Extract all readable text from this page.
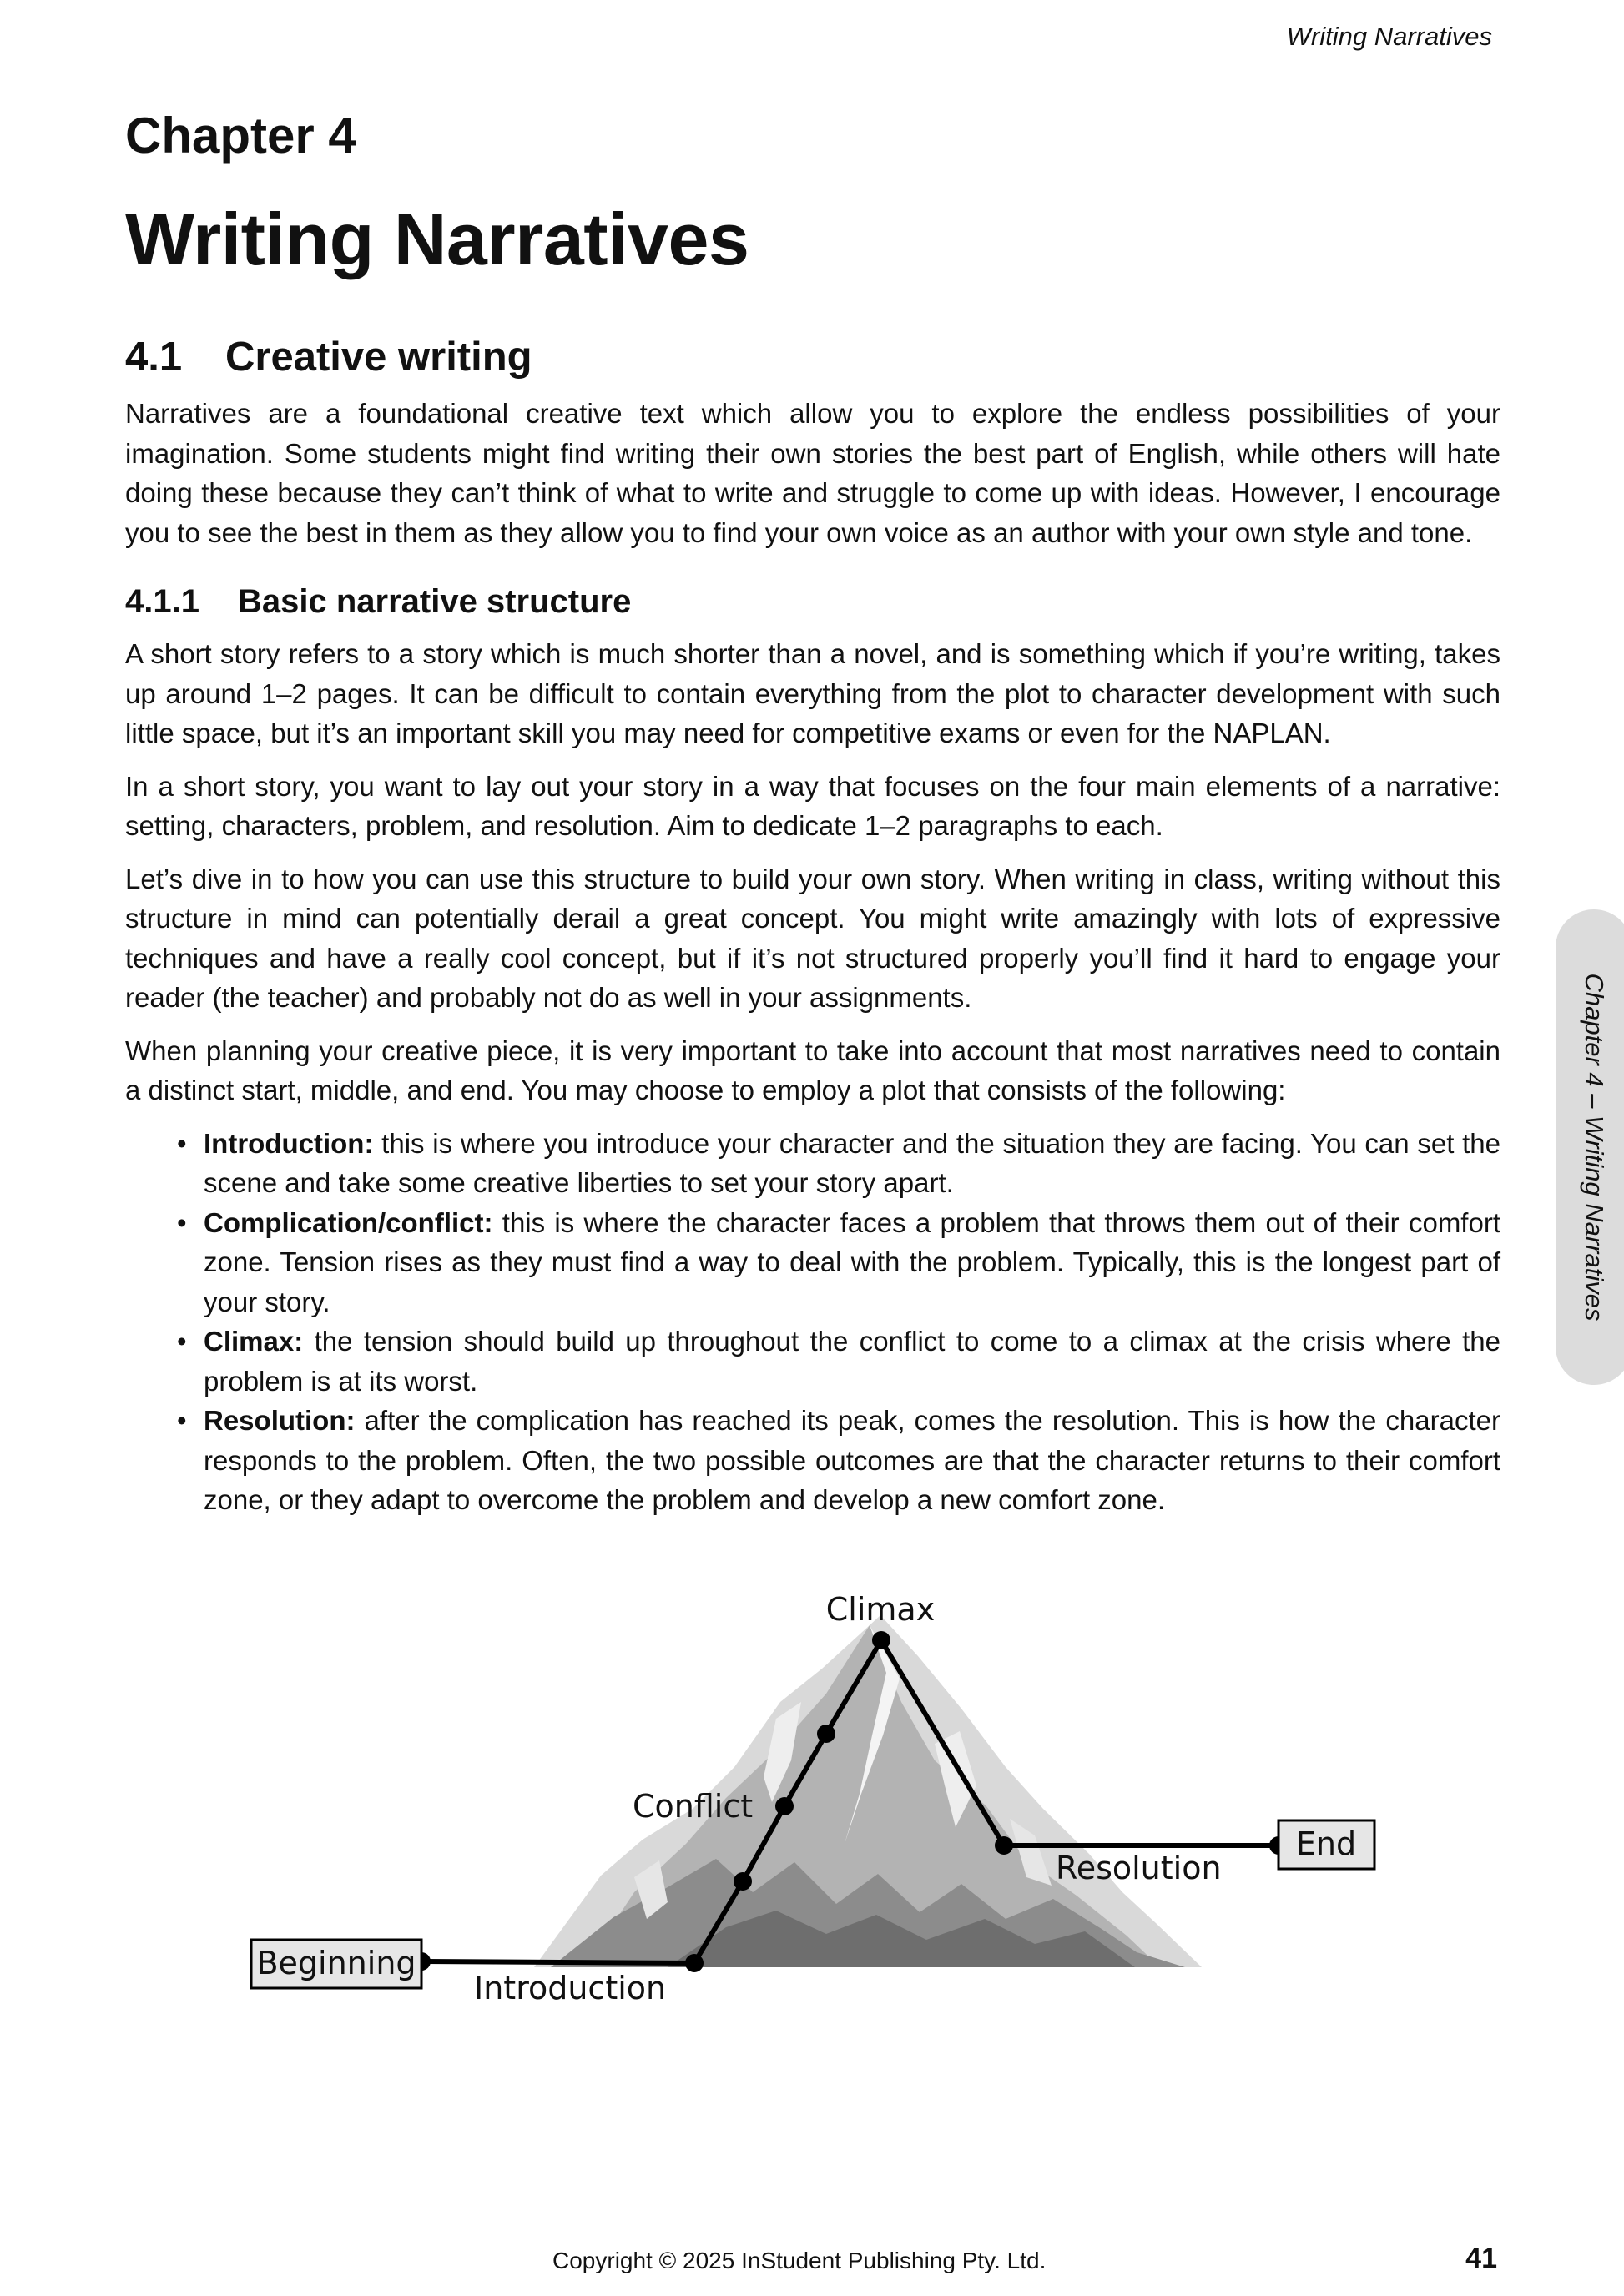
Writing Narratives
Chapter 4
Writing Narratives
4.1 Creative writing

Narratives are a foundational creative text which allow you to explore the endless possibilities of your imagination. Some students might find writing their own stories the best part of English, while others will hate doing these because they can’t think of what to write and struggle to come up with ideas. However, I encourage you to see the best in them as they allow you to find your own voice as an author with your own style and tone.

4.1.1 Basic narrative structure

A short story refers to a story which is much shorter than a novel, and is something which if you’re writing, takes up around 1–2 pages. It can be difficult to contain everything from the plot to character development with such little space, but it’s an important skill you may need for competitive exams or even for the NAPLAN.

In a short story, you want to lay out your story in a way that focuses on the four main elements of a narrative: setting, characters, problem, and resolution. Aim to dedicate 1–2 paragraphs to each.

Let’s dive in to how you can use this structure to build your own story. When writing in class, writing without this structure in mind can potentially derail a great concept. You might write amazingly with lots of expressive techniques and have a really cool concept, but if it’s not structured properly you’ll find it hard to engage your reader (the teacher) and probably not do as well in your assignments.

When planning your creative piece, it is very important to take into account that most narratives need to contain a distinct start, middle, and end. You may choose to employ a plot that consists of the following:

• Introduction: this is where you introduce your character and the situation they are facing. You can set the scene and take some creative liberties to set your story apart.
• Complication/conflict: this is where the character faces a problem that throws them out of their comfort zone. Tension rises as they must find a way to deal with the problem. Typically, this is the longest part of your story.
• Climax: the tension should build up throughout the conflict to come to a climax at the crisis where the problem is at its worst.
• Resolution: after the complication has reached its peak, comes the resolution. This is how the character responds to the problem. Often, the two possible outcomes are that the character returns to their comfort zone, or they adapt to overcome the problem and develop a new comfort zone.
Chapter 4 – Writing Narratives
Climax
Conflict
Resolution
End
Beginning
Introduction
Copyright © 2025 InStudent Publishing Pty. Ltd.	41
